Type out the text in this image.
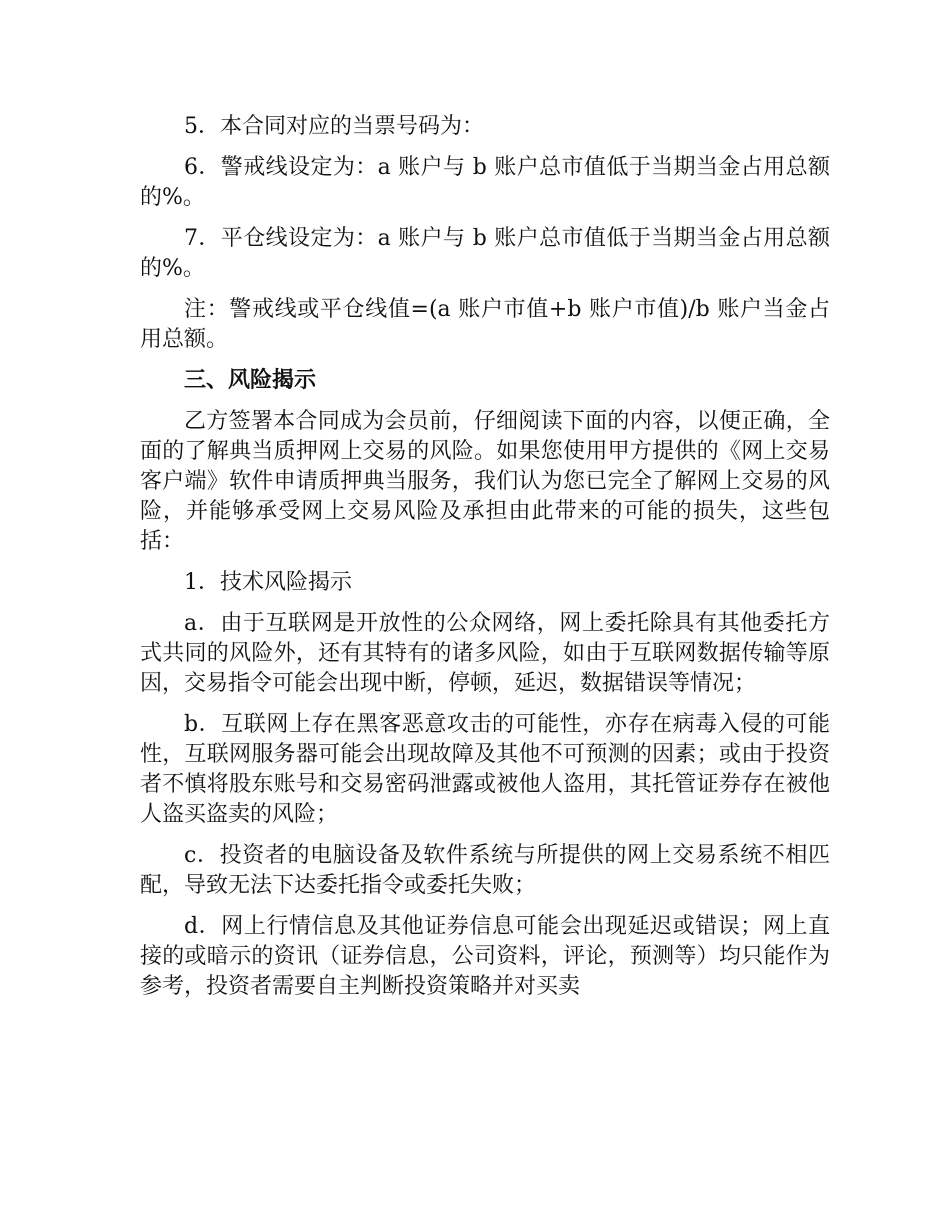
5．本合同对应的当票号码为：

6．警戒线设定为：a 账户与 b 账户总市值低于当期当金占用总额的%。

7．平仓线设定为：a 账户与 b 账户总市值低于当期当金占用总额的%。

注：警戒线或平仓线值=(a 账户市值+b 账户市值)/b 账户当金占用总额。

三、风险揭示

乙方签署本合同成为会员前，仔细阅读下面的内容，以便正确，全面的了解典当质押网上交易的风险。如果您使用甲方提供的《网上交易客户端》软件申请质押典当服务，我们认为您已完全了解网上交易的风险，并能够承受网上交易风险及承担由此带来的可能的损失，这些包括：

1．技术风险揭示

a．由于互联网是开放性的公众网络，网上委托除具有其他委托方式共同的风险外，还有其特有的诸多风险，如由于互联网数据传输等原因，交易指令可能会出现中断，停顿，延迟，数据错误等情况；

b．互联网上存在黑客恶意攻击的可能性，亦存在病毒入侵的可能性，互联网服务器可能会出现故障及其他不可预测的因素；或由于投资者不慎将股东账号和交易密码泄露或被他人盗用，其托管证券存在被他人盗买盗卖的风险；

c．投资者的电脑设备及软件系统与所提供的网上交易系统不相匹配，导致无法下达委托指令或委托失败；

d．网上行情信息及其他证券信息可能会出现延迟或错误；网上直接的或暗示的资讯（证券信息，公司资料，评论，预测等）均只能作为参考，投资者需要自主判断投资策略并对买卖
